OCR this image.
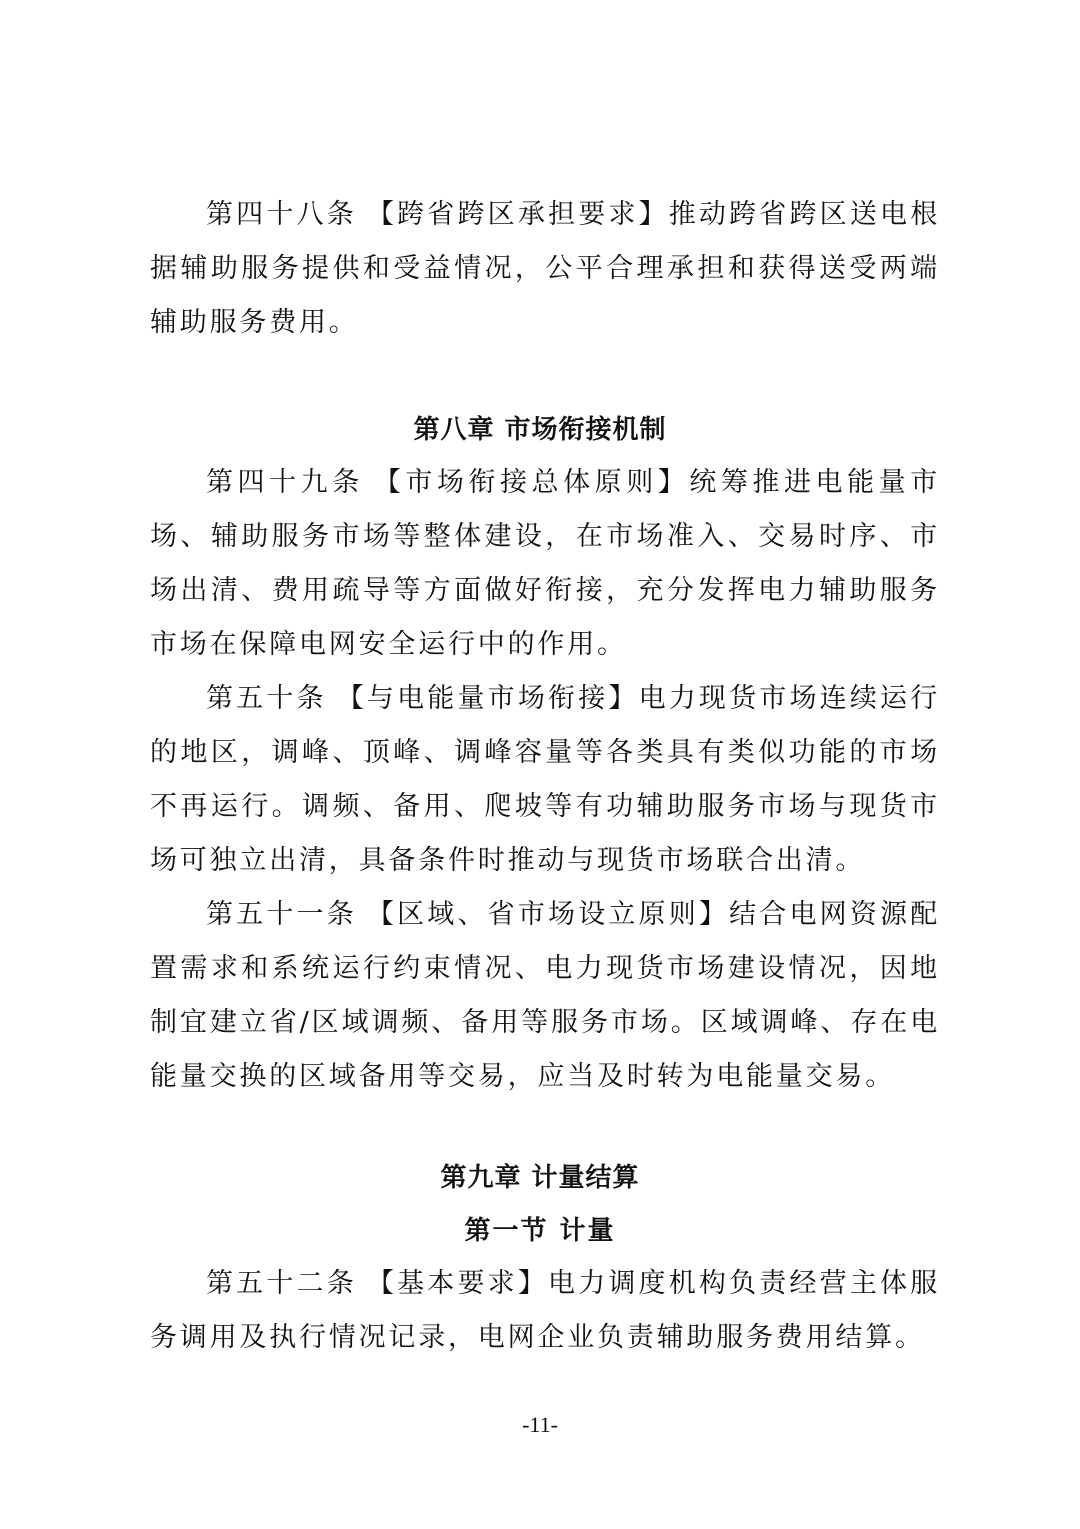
第四十八条 【跨省跨区承担要求】推动跨省跨区送电根据辅助服务提供和受益情况，公平合理承担和获得送受两端辅助服务费用。

第八章 市场衔接机制

第四十九条 【市场衔接总体原则】统筹推进电能量市场、辅助服务市场等整体建设，在市场准入、交易时序、市场出清、费用疏导等方面做好衔接，充分发挥电力辅助服务市场在保障电网安全运行中的作用。

第五十条 【与电能量市场衔接】电力现货市场连续运行的地区，调峰、顶峰、调峰容量等各类具有类似功能的市场不再运行。调频、备用、爬坡等有功辅助服务市场与现货市场可独立出清，具备条件时推动与现货市场联合出清。

第五十一条 【区域、省市场设立原则】结合电网资源配置需求和系统运行约束情况、电力现货市场建设情况，因地制宜建立省/区域调频、备用等服务市场。区域调峰、存在电能量交换的区域备用等交易，应当及时转为电能量交易。

第九章 计量结算
第一节 计量

第五十二条 【基本要求】电力调度机构负责经营主体服务调用及执行情况记录，电网企业负责辅助服务费用结算。

-11-
